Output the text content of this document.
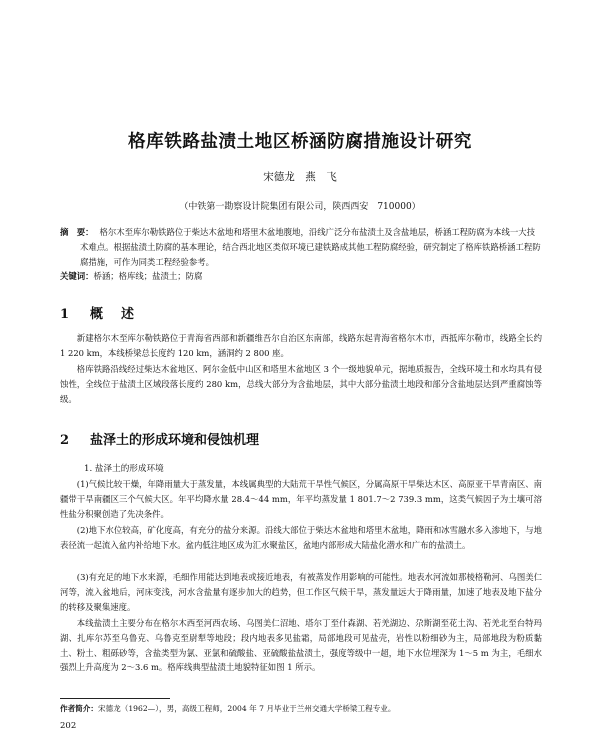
格库铁路盐渍土地区桥涵防腐措施设计研究
宋德龙　燕　飞
（中铁第一勘察设计院集团有限公司，陕西西安　710000）
摘　要： 格尔木至库尔勒铁路位于柴达木盆地和塔里木盆地腹地，沿线广泛分布盐渍土及含盐地层，桥涵工程防腐为本线一大技术难点。根据盐渍土防腐的基本理论，结合西北地区类似环境已建铁路成其他工程防腐经验，研究制定了格库铁路桥涵工程防腐措施，可作为同类工程经验参考。
关键词：桥涵；格库线；盐渍土；防腐
1 概述

新建格尔木至库尔勒铁路位于青海省西部和新疆维吾尔自治区东南部，线路东起青海省格尔木市，西抵库尔勒市，线路全长约 1 220 km，本线桥梁总长度约 120 km，涵洞约 2 800 座。

格库铁路沿线经过柴达木盆地区、阿尔金低中山区和塔里木盆地区 3 个一级地貌单元，据地质报告，全线环境土和水均具有侵蚀性，全线位于盐渍土区域段落长度约 280 km，总线大部分为含盐地层，其中大部分盐渍土地段和部分含盐地层达到严重腐蚀等级。

2 盐泽土的形成环境和侵蚀机理
1. 盐泽土的形成环境

(1)气候比较干燥，年降雨量大于蒸发量，本线属典型的大陆荒干旱性气候区，分属高原干旱柴达木区、高原亚干旱青南区、南疆带干旱南疆区三个气候大区。年平均降水量 28.4～44 mm，年平均蒸发量 1 801.7～2 739.3 mm，这类气候因子为土壤可溶性盐分积聚创造了先决条件。

(2)地下水位较高，矿化度高，有充分的盐分来源。沿线大部位于柴达木盆地和塔里木盆地，降雨和冰雪融水多入渗地下，与地表径流一起流入盆内补给地下水。盆内低注地区成为汇水聚盐区，盆地内部形成大陆盐化潜水和广布的盐渍土。

(3)有充足的地下水来源，毛细作用能达到地表或接近地表，有被蒸发作用影响的可能性。地表水河流如那棱格勒河、乌图美仁河等，流入盆地后，河床变浅，河水含盐量有逐步加大的趋势，但工作区气候干旱，蒸发量远大于降雨量，加速了地表及地下盐分的转移及聚集速度。

本线盐渍土主要分布在格尔木西至河西农场、乌图美仁沼地、塔尔丁至什森湖、若羌湖边、尕斯湖至花土沟、若羌北至台特玛湖、扎库尔苏至乌鲁克、乌鲁克至尉犁等地段；段内地表多见盐霜，局部地段可见盐壳，岩性以粉细砂为主，局部地段为粉质黏土、粉土、粗砾砂等，含盐类型为氯、亚氯和硫酸盐、亚硫酸盐盐渍土，强度等级中一超，地下水位埋深为 1～5 m 为主，毛细水强烈上升高度为 2～3.6 m。格库线典型盐渍土地貌特征如图 1 所示。

作者简介：宋德龙（1962—），男，高级工程师，2004 年 7 月毕业于兰州交通大学桥梁工程专业。
202
